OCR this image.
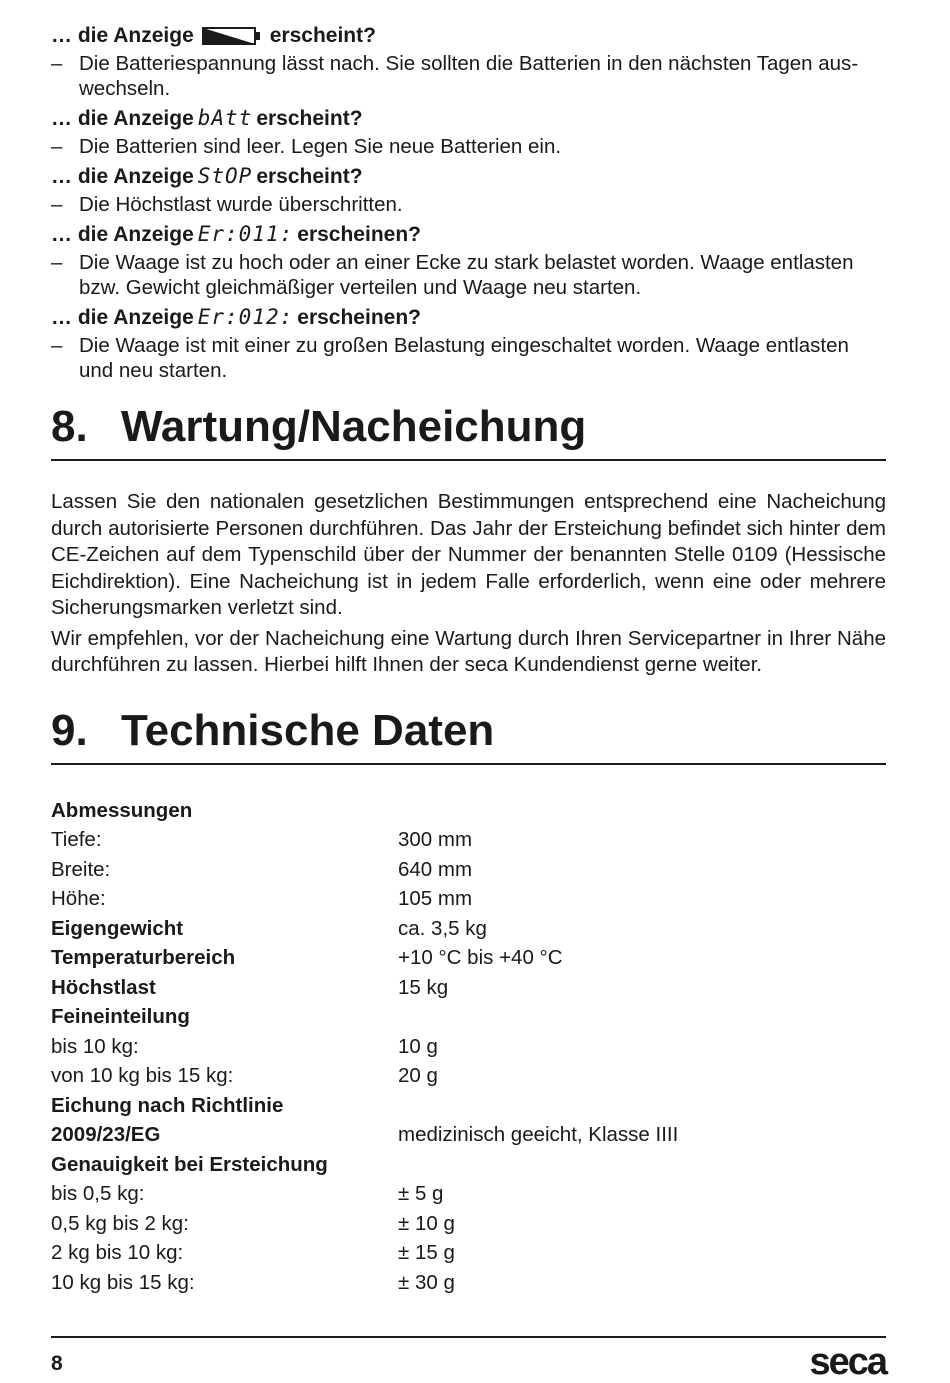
… die Anzeige	erscheint?

– Die Batteriespannung lässt nach. Sie sollten die Batterien in den nächsten Tagen auswechseln.

… die Anzeige bAtt erscheint?

– Die Batterien sind leer. Legen Sie neue Batterien ein.

… die Anzeige StOP erscheint?

– Die Höchstlast wurde überschritten.

… die Anzeige Er:011: erscheinen?

– Die Waage ist zu hoch oder an einer Ecke zu stark belastet worden. Waage entlasten bzw. Gewicht gleichmäßiger verteilen und Waage neu starten.

… die Anzeige Er:012: erscheinen?

– Die Waage ist mit einer zu großen Belastung eingeschaltet worden. Waage entlasten und neu starten.
8. Wartung/Nacheichung

Lassen Sie den nationalen gesetzlichen Bestimmungen entsprechend eine Nacheichung durch autorisierte Personen durchführen. Das Jahr der Ersteichung befindet sich hinter dem CE-Zeichen auf dem Typenschild über der Nummer der benannten Stelle 0109 (Hessische Eichdirektion). Eine Nacheichung ist in jedem Falle erforderlich, wenn eine oder mehrere Sicherungsmarken verletzt sind.

Wir empfehlen, vor der Nacheichung eine Wartung durch Ihren Servicepartner in Ihrer Nähe durchführen zu lassen. Hierbei hilft Ihnen der seca Kundendienst gerne weiter.

9. Technische Daten
Abmessungen	
Tiefe:	300 mm
Breite:	640 mm
Höhe:	105 mm
Eigengewicht	ca. 3,5 kg
Temperaturbereich	+10 °C bis +40 °C
Höchstlast	15 kg
Feineinteilung	
bis 10 kg:	10 g
von 10 kg bis 15 kg:	20 g
Eichung nach Richtlinie	
2009/23/EG	medizinisch geeicht, Klasse IIII
Genauigkeit bei Ersteichung	
bis 0,5 kg:	± 5 g
0,5 kg bis 2 kg:	± 10 g
2 kg bis 10 kg:	± 15 g
10 kg bis 15 kg:	± 30 g
8	seca
